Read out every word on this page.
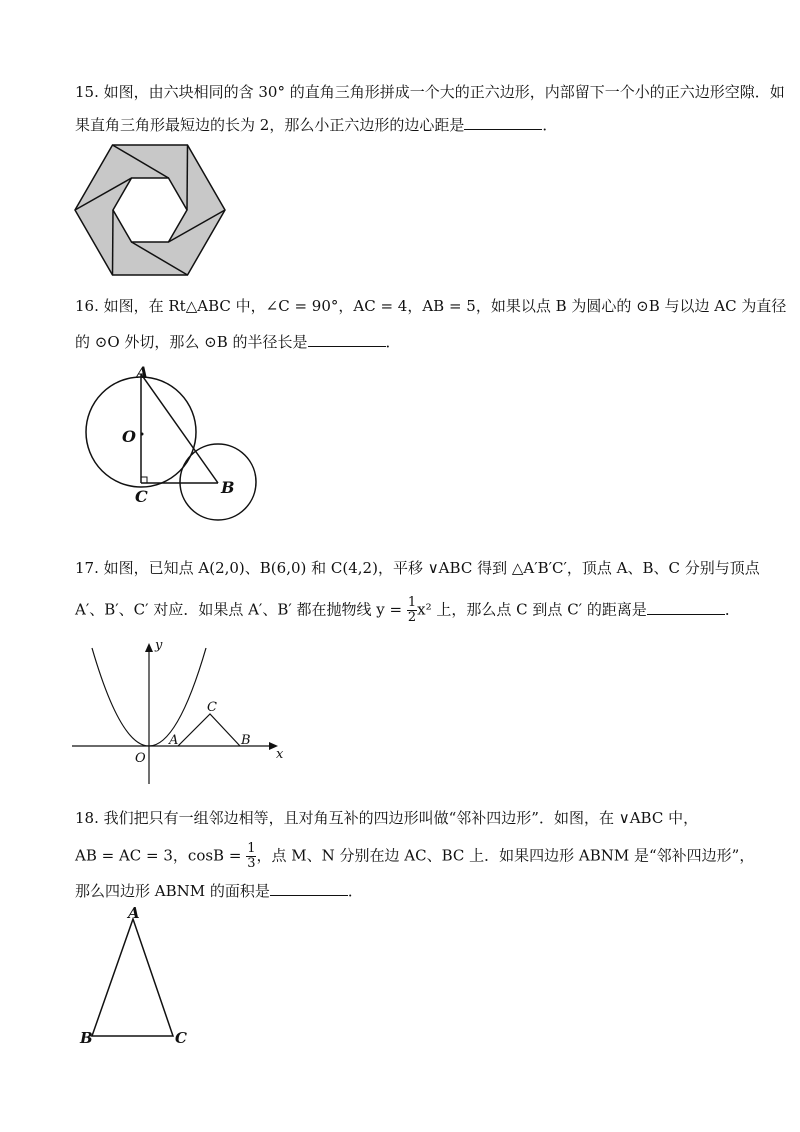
15. 如图，由六块相同的含 30° 的直角三角形拼成一个大的正六边形，内部留下一个小的正六边形空隙．如
果直角三角形最短边的长为 2，那么小正六边形的边心距是	．
16. 如图，在 Rt△ABC 中，∠C = 90°，AC = 4，AB = 5，如果以点 B 为圆心的 ⊙B 与以边 AC 为直径
的 ⊙O 外切，那么 ⊙B 的半径长是	．
A
O
C	B
17. 如图，已知点 A(2,0)、B(6,0) 和 C(4,2)，平移 ∨ABC 得到 △A′B′C′，顶点 A、B、C 分别与顶点
A′、B′、C′ 对应．如果点 A′、B′ 都在抛物线 $y = \frac{1}{2} x^2$ 上，那么点 C 到点 C′ 的距离是	．
y
x
O
A
C
B
18. 我们把只有一组邻边相等，且对角互补的四边形叫做“邻补四边形”．如图，在 ∨ABC 中，
AB = AC = 3，$\cos B = \frac{1}{3}$ ，点 M、N 分别在边 AC、BC 上．如果四边形 ABNM 是“邻补四边形”，
那么四边形 ABNM 的面积是	．
A
B	C
